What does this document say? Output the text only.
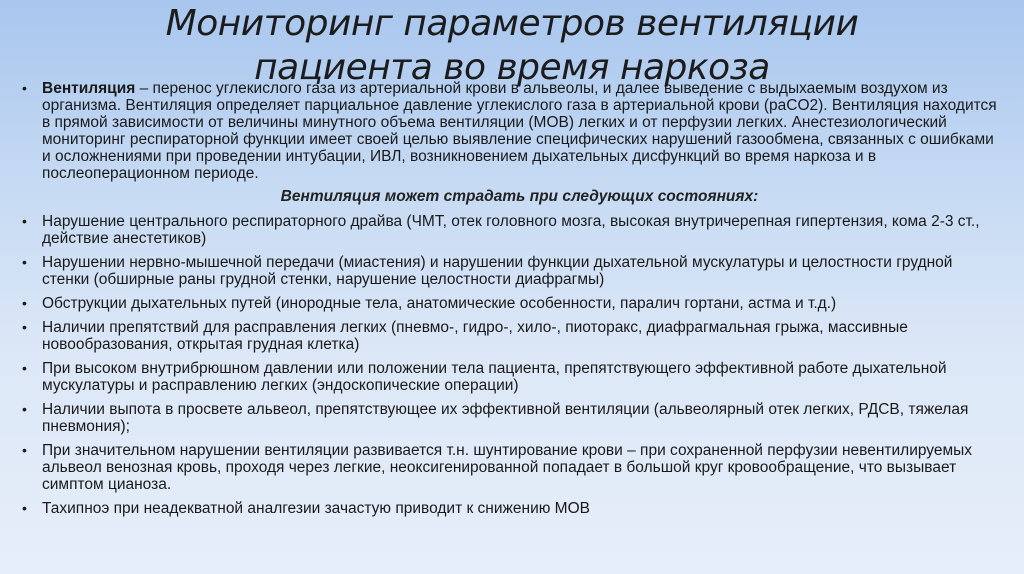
Мониторинг параметров вентиляции
пациента во время наркоза

• Вентиляция – перенос углекислого газа из артериальной крови в альвеолы, и далее выведение с выдыхаемым воздухом из организма. Вентиляция определяет парциальное давление углекислого газа в артериальной крови (paCO2). Вентиляция находится в прямой зависимости от величины минутного объема вентиляции (МОВ) легких и от перфузии легких. Анестезиологический мониторинг респираторной функции имеет своей целью выявление специфических нарушений газообмена, связанных с ошибками и осложнениями при проведении интубации, ИВЛ, возникновением дыхательных дисфункций во время наркоза и в послеоперационном периоде.

Вентиляция может страдать при следующих состояниях:
• Нарушение центрального респираторного драйва (ЧМТ, отек головного мозга, высокая внутричерепная гипертензия, кома 2-3 ст., действие анестетиков)
• Нарушении нервно-мышечной передачи (миастения) и нарушении функции дыхательной мускулатуры и целостности грудной стенки (обширные раны грудной стенки, нарушение целостности диафрагмы)
• Обструкции дыхательных путей (инородные тела, анатомические особенности, паралич гортани, астма и т.д.)
• Наличии препятствий для расправления легких (пневмо-, гидро-, хило-, пиоторакс, диафрагмальная грыжа, массивные новообразования, открытая грудная клетка)
• При высоком внутрибрюшном давлении или положении тела пациента, препятствующего эффективной работе дыхательной мускулатуры и расправлению легких (эндоскопические операции)
• Наличии выпота в просвете альвеол, препятствующее их эффективной вентиляции (альвеолярный отек легких, РДСВ, тяжелая пневмония);
• При значительном нарушении вентиляции развивается т.н. шунтирование крови – при сохраненной перфузии невентилируемых альвеол венозная кровь, проходя через легкие, неоксигенированной попадает в большой круг кровообращение, что вызывает симптом цианоза.
• Тахипноэ при неадекватной аналгезии зачастую приводит к снижению МОВ
